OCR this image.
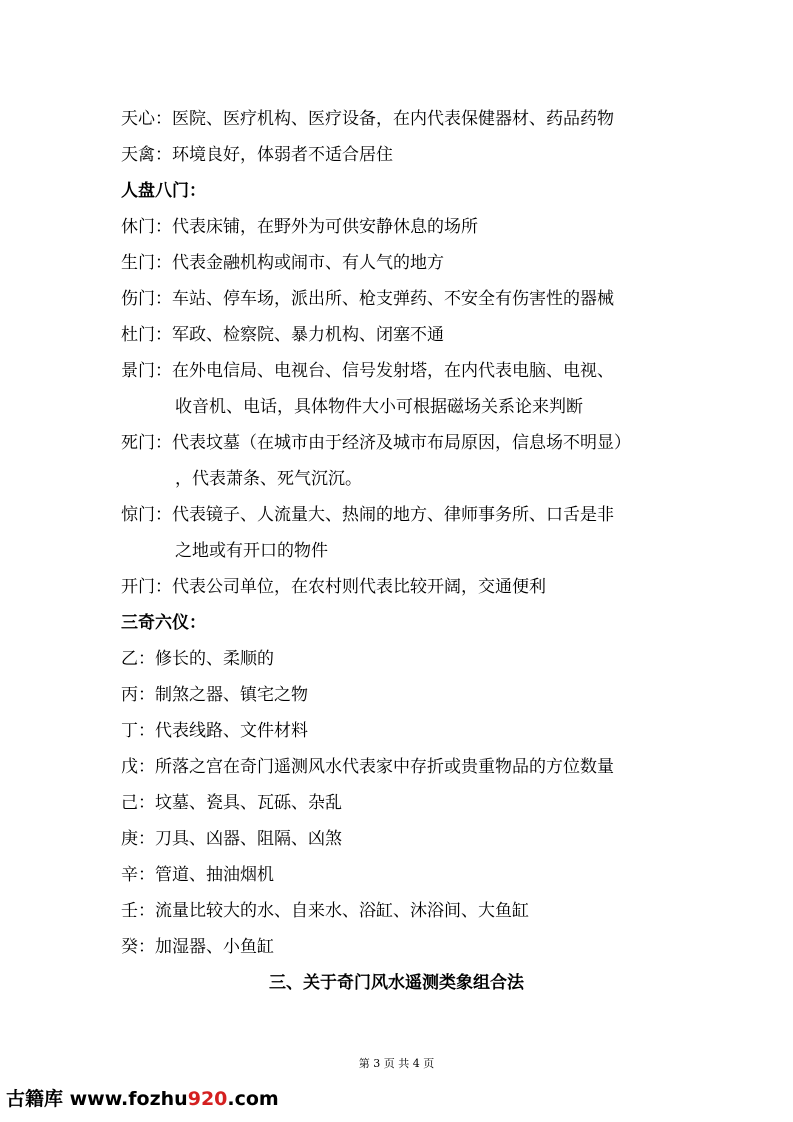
天心：医院、医疗机构、医疗设备，在内代表保健器材、药品药物
天禽：环境良好，体弱者不适合居住
人盘八门：
休门：代表床铺，在野外为可供安静休息的场所
生门：代表金融机构或闹市、有人气的地方
伤门：车站、停车场，派出所、枪支弹药、不安全有伤害性的器械
杜门：军政、检察院、暴力机构、闭塞不通
景门：在外电信局、电视台、信号发射塔，在内代表电脑、电视、
收音机、电话，具体物件大小可根据磁场关系论来判断
死门：代表坟墓（在城市由于经济及城市布局原因，信息场不明显）
，代表萧条、死气沉沉。
惊门：代表镜子、人流量大、热闹的地方、律师事务所、口舌是非
之地或有开口的物件
开门：代表公司单位，在农村则代表比较开阔，交通便利
三奇六仪：
乙：修长的、柔顺的
丙：制煞之器、镇宅之物
丁：代表线路、文件材料
戊：所落之宫在奇门遥测风水代表家中存折或贵重物品的方位数量
己：坟墓、瓷具、瓦砾、杂乱
庚：刀具、凶器、阻隔、凶煞
辛：管道、抽油烟机
壬：流量比较大的水、自来水、浴缸、沐浴间、大鱼缸
癸：加湿器、小鱼缸
三、关于奇门风水遥测类象组合法
第 3 页 共 4 页
古籍库 www.fozhu920.com
